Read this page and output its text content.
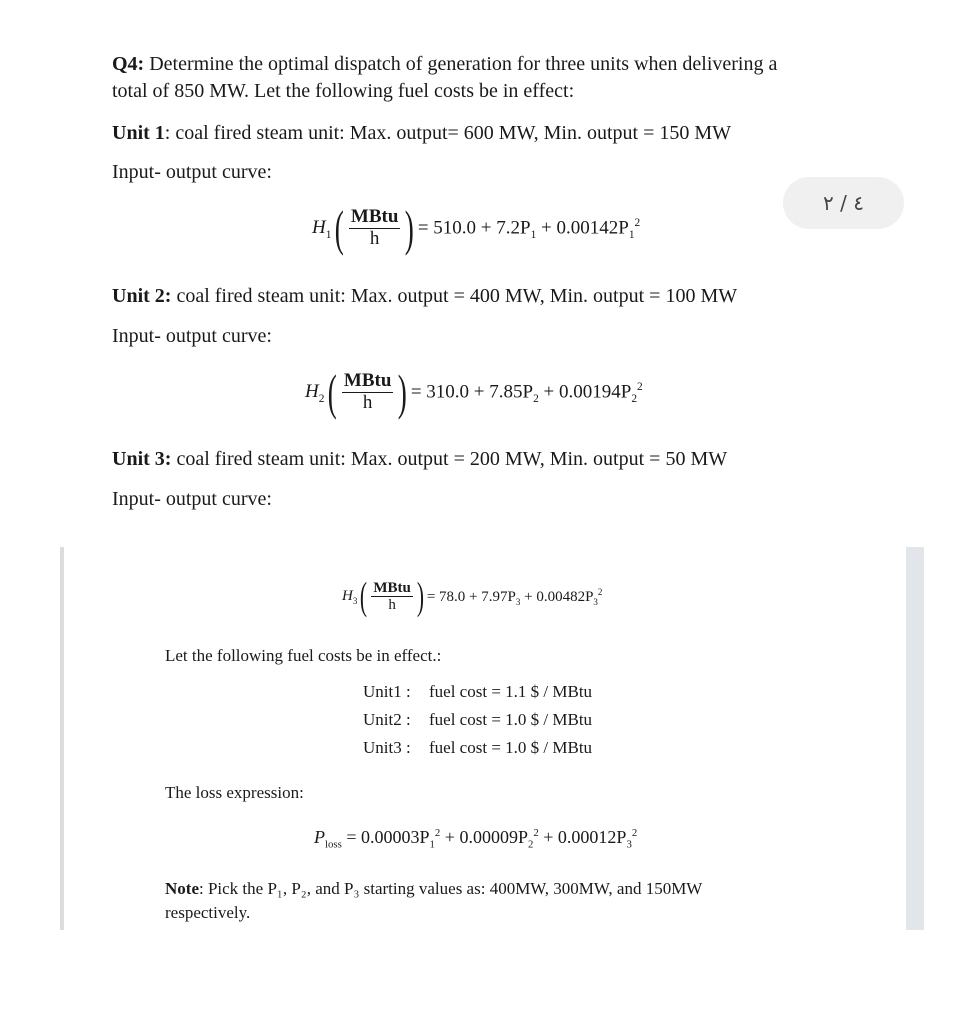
Q4: Determine the optimal dispatch of generation for three units when delivering a
total of 850 MW. Let the following fuel costs be in effect:
Unit 1: coal fired steam unit: Max. output= 600 MW, Min. output = 150 MW
Input- output curve:
$H_1$ ( $\frac{\text{MBtu}}{h}$ ) = $510.0 + 7.2P_1 + 0.00142P_1^2$
٤ / ٢
Unit 2: coal fired steam unit: Max. output = 400 MW, Min. output = 100 MW
Input- output curve:
$H_2$ ( $\frac{\text{MBtu}}{h}$ ) = $310.0 + 7.85P_2 + 0.00194P_2^2$
Unit 3: coal fired steam unit: Max. output = 200 MW, Min. output = 50 MW
Input- output curve:
$H_3$ ( $\frac{\text{MBtu}}{h}$ ) = $78.0 + 7.97P_3 + 0.00482P_3^2$
Let the following fuel costs be in effect.:
Unit1 :	fuel cost = 1.1 $ / MBtu
Unit2 :	fuel cost = 1.0 $ / MBtu
Unit3 :	fuel cost = 1.0 $ / MBtu
The loss expression:
$P_{loss} = 0.00003P_1^2 + 0.00009P_2^2 + 0.00012P_3^2$
Note: Pick the P₁, P₂, and P₃ starting values as: 400MW, 300MW, and 150MW
respectively.
